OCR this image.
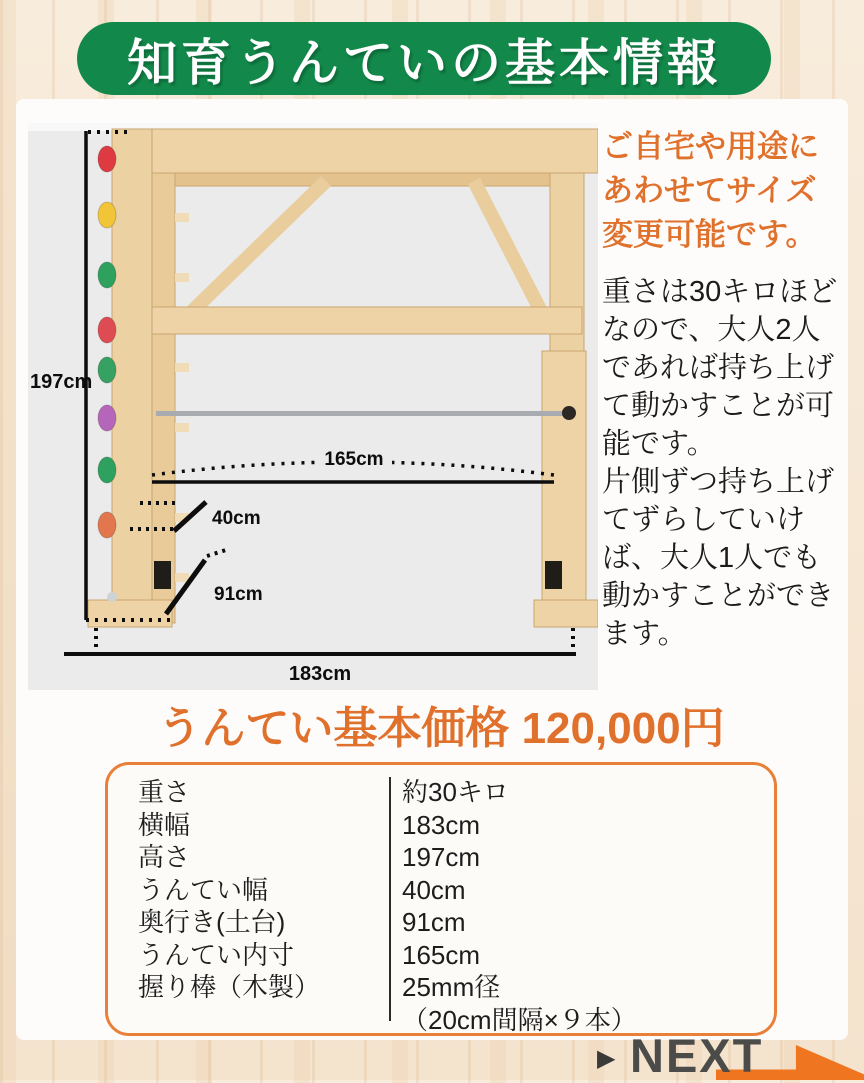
知育うんていの基本情報
197cm
165cm
40cm
91cm
183cm
ご自宅や用途にあわせてサイズ変更可能です。

重さは30キロほどなので、大人2人であれば持ち上げて動かすことが可能です。

片側ずつ持ち上げてずらしていけば、大人1人でも動かすことができます。

うんてい基本価格 120,000円
重さ
横幅
高さ
うんてい幅
奥行き(土台)
うんてい内寸
握り棒（木製）
約30キロ
183cm
197cm
40cm
91cm
165cm
25mm径
（20cm間隔×９本）
▶ NEXT
